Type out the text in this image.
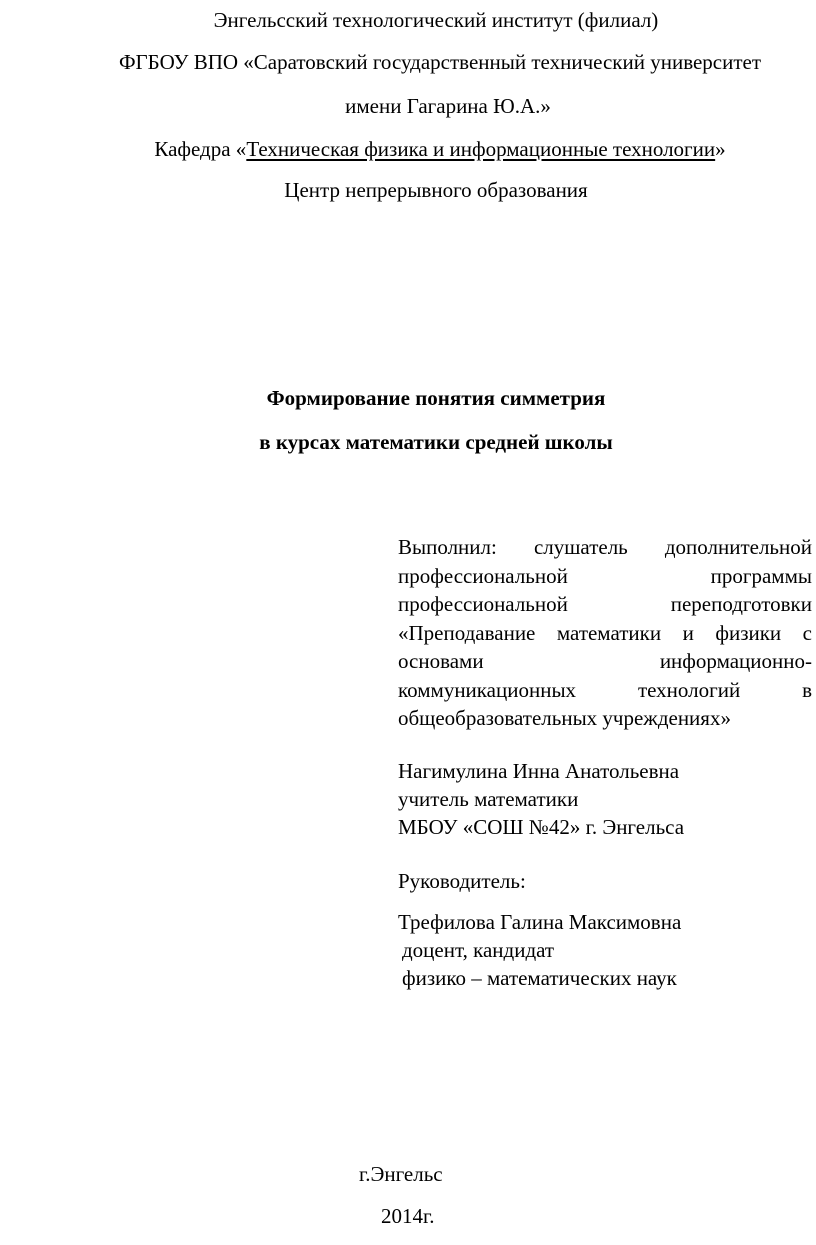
Энгельсский технологический институт (филиал)
ФГБОУ ВПО «Саратовский государственный технический университет
имени Гагарина Ю.А.»
Кафедра «Техническая физика и информационные технологии»
Центр непрерывного образования
Формирование понятия симметрия
в курсах математики средней школы
Выполнил: слушатель дополнительной
профессиональной программы
профессиональной переподготовки
«Преподавание математики и физики с
основами информационно-
коммуникационных технологий в
общеобразовательных учреждениях»
Нагимулина Инна Анатольевна
учитель математики
МБОУ «СОШ №42» г. Энгельса
Руководитель:
Трефилова Галина Максимовна
доцент, кандидат
физико – математических наук
г.Энгельс
2014г.
